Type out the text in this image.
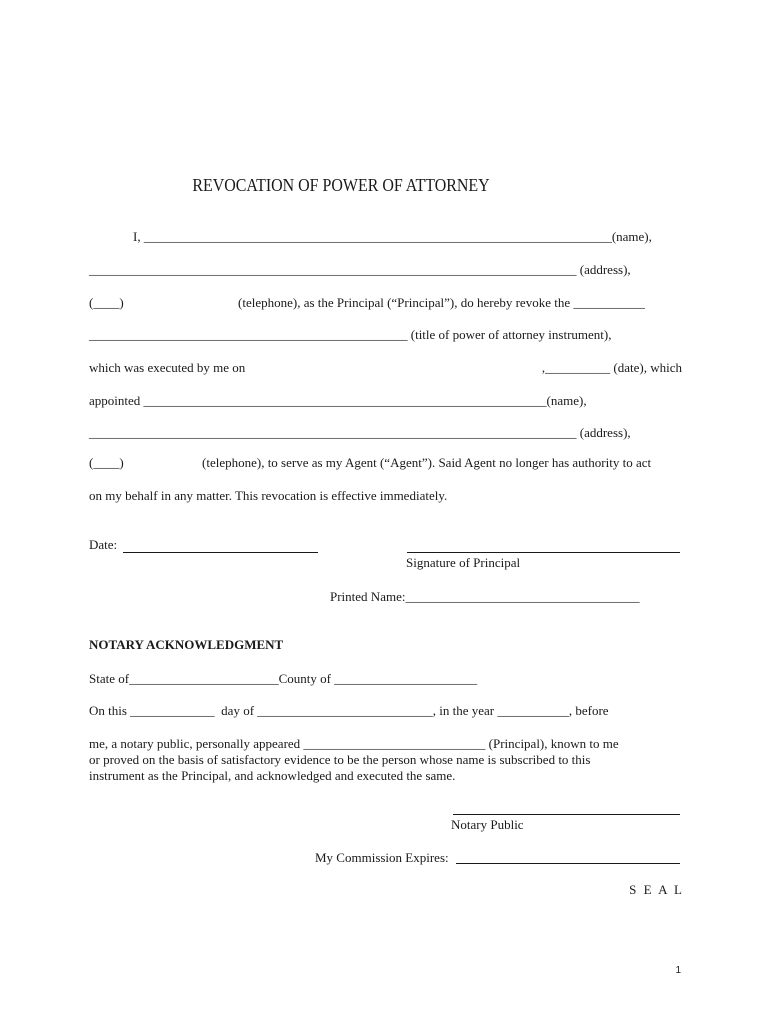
REVOCATION OF POWER OF ATTORNEY
I, ________________________________________________________________________(name),
___________________________________________________________________________ (address),
(____)	(telephone), as the Principal (“Principal”), do hereby revoke the ___________
_________________________________________________ (title of power of attorney instrument),
which was executed by me on	,__________ (date), which
appointed ______________________________________________________________(name),
___________________________________________________________________________ (address),
(____)	(telephone), to serve as my Agent (“Agent”). Said Agent no longer has authority to act
on my behalf in any matter. This revocation is effective immediately.
Date:
Signature of Principal
Printed Name:____________________________________
NOTARY ACKNOWLEDGMENT
State of_______________________County of ______________________
On this _____________  day of ___________________________, in the year ___________, before
me, a notary public, personally appeared ____________________________ (Principal), known to me
or proved on the basis of satisfactory evidence to be the person whose name is subscribed to this
instrument as the Principal, and acknowledged and executed the same.
Notary Public
My Commission Expires:
S E A L
1
